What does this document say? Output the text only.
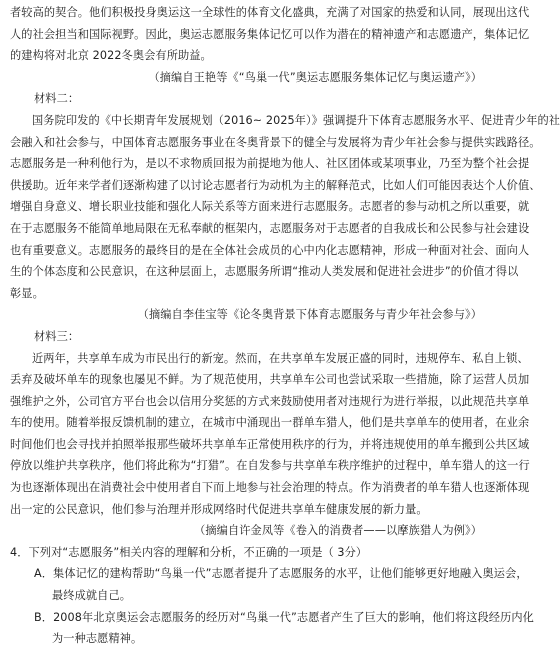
者较高的契合。他们积极投身奥运这一全球性的体育文化盛典，充满了对国家的热爱和认同，展现出这代
人的社会担当和国际视野。因此，奥运志愿服务集体记忆可以作为潜在的精神遗产和志愿遗产，集体记忆
的建构将对北京 2022冬奥会有所助益。
（摘编自王艳等《“鸟巢一代”奥运志愿服务集体记忆与奥运遗产》）
材料二：
国务院印发的《中长期青年发展规划（2016~ 2025年）》强调提升下体育志愿服务水平、促进青少年的社
会融入和社会参与，中国体育志愿服务事业在冬奥背景下的健全与发展将为青少年社会参与提供实践路径。
志愿服务是一种利他行为，是以不求物质回报为前提地为他人、社区团体或某项事业，乃至为整个社会提
供援助。近年来学者们逐渐构建了以讨论志愿者行为动机为主的解释范式，比如人们可能因表达个人价值、
增强自身意义、增长职业技能和强化人际关系等方面来进行志愿服务。志愿者的参与动机之所以重要，就
在于志愿服务不能简单地局限在无私奉献的框架内，志愿服务对于志愿者的自我成长和公民参与社会建设
也有重要意义。志愿服务的最终目的是在全体社会成员的心中内化志愿精神，形成一种面对社会、面向人
生的个体态度和公民意识，在这种层面上，志愿服务所谓“推动人类发展和促进社会进步”的价值才得以
彰显。
（摘编自李佳宝等《论冬奥背景下体育志愿服务与青少年社会参与》）
材料三：
近两年，共享单车成为市民出行的新宠。然而，在共享单车发展正盛的同时，违规停车、私自上锁、
丢弃及破坏单车的现象也屡见不鲜。为了规范使用，共享单车公司也尝试采取一些措施，除了运营人员加
强维护之外，公司官方平台也会以信用分奖惩的方式来鼓励使用者对违规行为进行举报，以此规范共享单
车的使用。随着举报反馈机制的建立，在城市中涌现出一群单车猎人，他们是共享单车的使用者，在业余
时间他们也会寻找并拍照举报那些破坏共享单车正常使用秩序的行为，并将违规使用的单车搬到公共区域
停放以维护共享秩序，他们将此称为“打猎”。在自发参与共享单车秩序维护的过程中，单车猎人的这一行
为也逐渐体现出在消费社会中使用者自下而上地参与社会治理的特点。作为消费者的单车猎人也逐渐体现
出一定的公民意识，他们参与治理并形成网络时代促进共享单车健康发展的新力量。
（摘编自许金凤等《卷入的消费者——以摩族猎人为例》）
4．下列对“志愿服务”相关内容的理解和分析，不正确的一项是（ 3分）
A．集体记忆的建构帮助“鸟巢一代”志愿者提升了志愿服务的水平，让他们能够更好地融入奥运会，
最终成就自己。
B．2008年北京奥运会志愿服务的经历对“鸟巢一代”志愿者产生了巨大的影响，他们将这段经历内化
为一种志愿精神。
